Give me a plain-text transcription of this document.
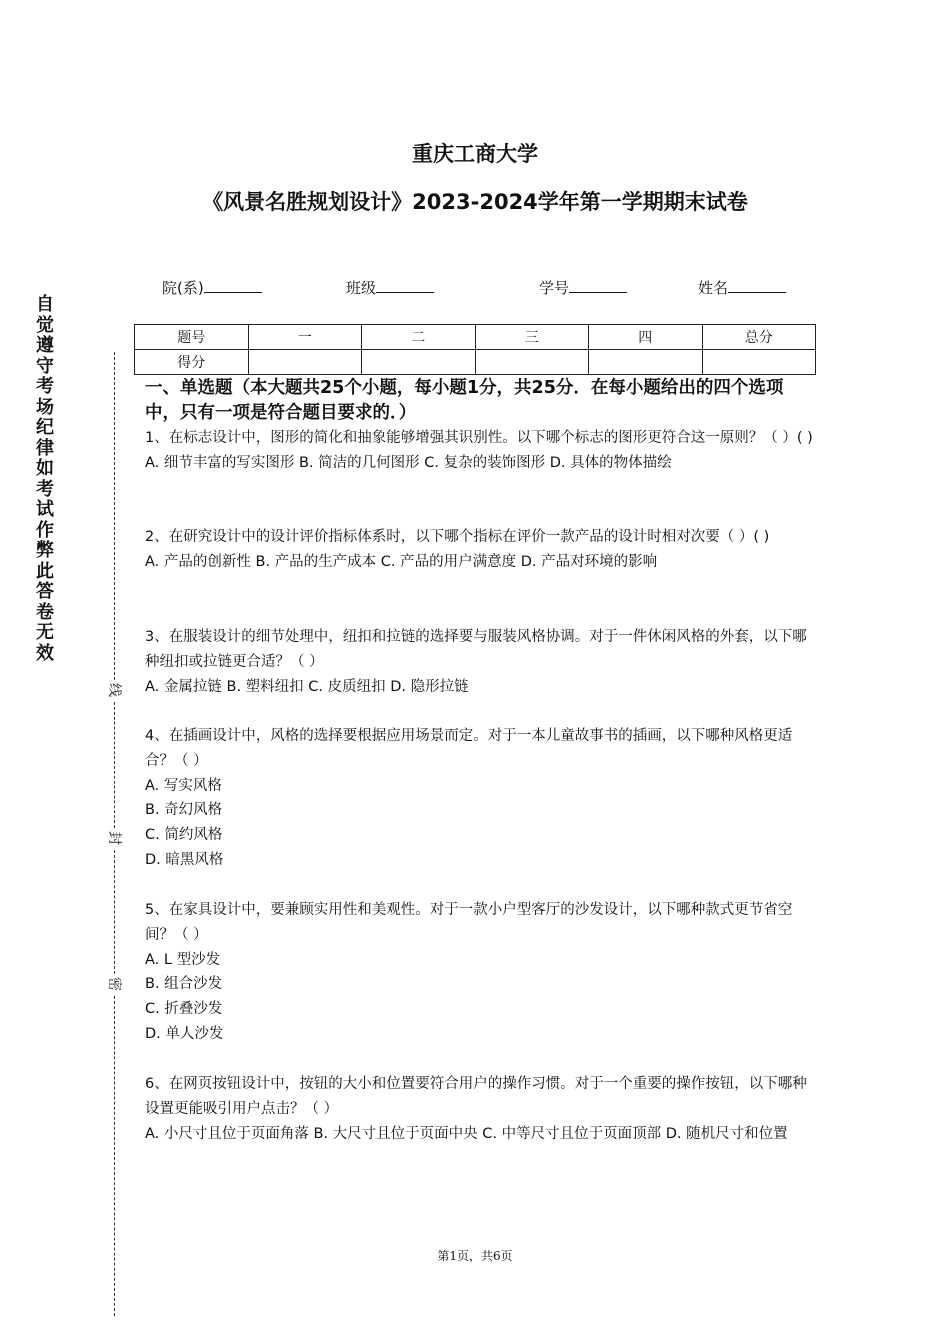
自觉遵守考场纪律如考试作弊此答卷无效
线
封
密
重庆工商大学
《风景名胜规划设计》2023-2024学年第一学期期末试卷
院(系)	班级	学号	姓名
题号	一	二	三	四	总分
得分					
一、单选题（本大题共25个小题，每小题1分，共25分．在每小题给出的四个选项中，只有一项是符合题目要求的．）

1、在标志设计中，图形的简化和抽象能够增强其识别性。以下哪个标志的图形更符合这一原则？（ ）( )

A. 细节丰富的写实图形 B. 简洁的几何图形 C. 复杂的装饰图形 D. 具体的物体描绘

2、在研究设计中的设计评价指标体系时，以下哪个指标在评价一款产品的设计时相对次要（ ）( )

A. 产品的创新性 B. 产品的生产成本 C. 产品的用户满意度 D. 产品对环境的影响

3、在服装设计的细节处理中，纽扣和拉链的选择要与服装风格协调。对于一件休闲风格的外套，以下哪种纽扣或拉链更合适？（ ）

A. 金属拉链 B. 塑料纽扣 C. 皮质纽扣 D. 隐形拉链

4、在插画设计中，风格的选择要根据应用场景而定。对于一本儿童故事书的插画，以下哪种风格更适合？（ ）

A. 写实风格

B. 奇幻风格

C. 简约风格

D. 暗黑风格

5、在家具设计中，要兼顾实用性和美观性。对于一款小户型客厅的沙发设计，以下哪种款式更节省空间？（ ）

A. L 型沙发

B. 组合沙发

C. 折叠沙发

D. 单人沙发

6、在网页按钮设计中，按钮的大小和位置要符合用户的操作习惯。对于一个重要的操作按钮，以下哪种设置更能吸引用户点击？（ ）

A. 小尺寸且位于页面角落 B. 大尺寸且位于页面中央 C. 中等尺寸且位于页面顶部 D. 随机尺寸和位置

第1页，共6页
